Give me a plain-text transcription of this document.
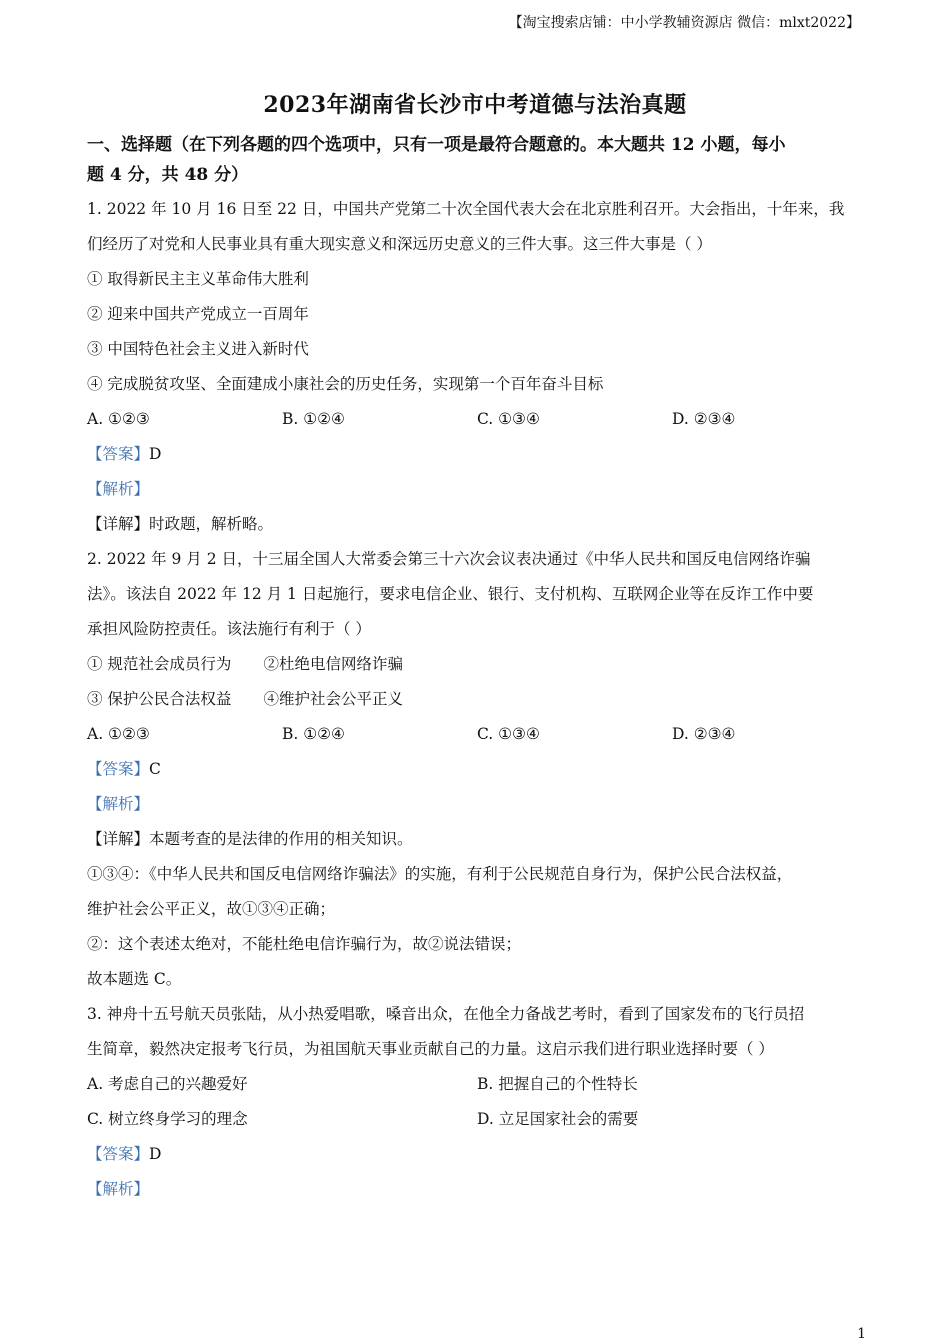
【淘宝搜索店铺：中小学教辅资源店 微信：mlxt2022】
2023年湖南省长沙市中考道德与法治真题
一、选择题（在下列各题的四个选项中，只有一项是最符合题意的。本大题共 12 小题，每小
题 4 分，共 48 分）
1. 2022 年 10 月 16 日至 22 日，中国共产党第二十次全国代表大会在北京胜利召开。大会指出，十年来，我
们经历了对党和人民事业具有重大现实意义和深远历史意义的三件大事。这三件大事是（ ）
① 取得新民主主义革命伟大胜利
② 迎来中国共产党成立一百周年
③ 中国特色社会主义进入新时代
④ 完成脱贫攻坚、全面建成小康社会的历史任务，实现第一个百年奋斗目标
A. ①②③	B. ①②④	C. ①③④	D. ②③④
【答案】D
【解析】
【详解】时政题，解析略。
2. 2022 年 9 月 2 日，十三届全国人大常委会第三十六次会议表决通过《中华人民共和国反电信网络诈骗
法》。该法自 2022 年 12 月 1 日起施行，要求电信企业、银行、支付机构、互联网企业等在反诈工作中要
承担风险防控责任。该法施行有利于（ ）
① 规范社会成员行为 ②杜绝电信网络诈骗
③ 保护公民合法权益 ④维护社会公平正义
A. ①②③	B. ①②④	C. ①③④	D. ②③④
【答案】C
【解析】
【详解】本题考查的是法律的作用的相关知识。
①③④：《中华人民共和国反电信网络诈骗法》的实施，有利于公民规范自身行为，保护公民合法权益，
维护社会公平正义，故①③④正确；
②：这个表述太绝对，不能杜绝电信诈骗行为，故②说法错误；
故本题选 C。
3. 神舟十五号航天员张陆，从小热爱唱歌，嗓音出众，在他全力备战艺考时，看到了国家发布的飞行员招
生简章，毅然决定报考飞行员，为祖国航天事业贡献自己的力量。这启示我们进行职业选择时要（ ）
A. 考虑自己的兴趣爱好	B. 把握自己的个性特长
C. 树立终身学习的理念	D. 立足国家社会的需要
【答案】D
【解析】
1
